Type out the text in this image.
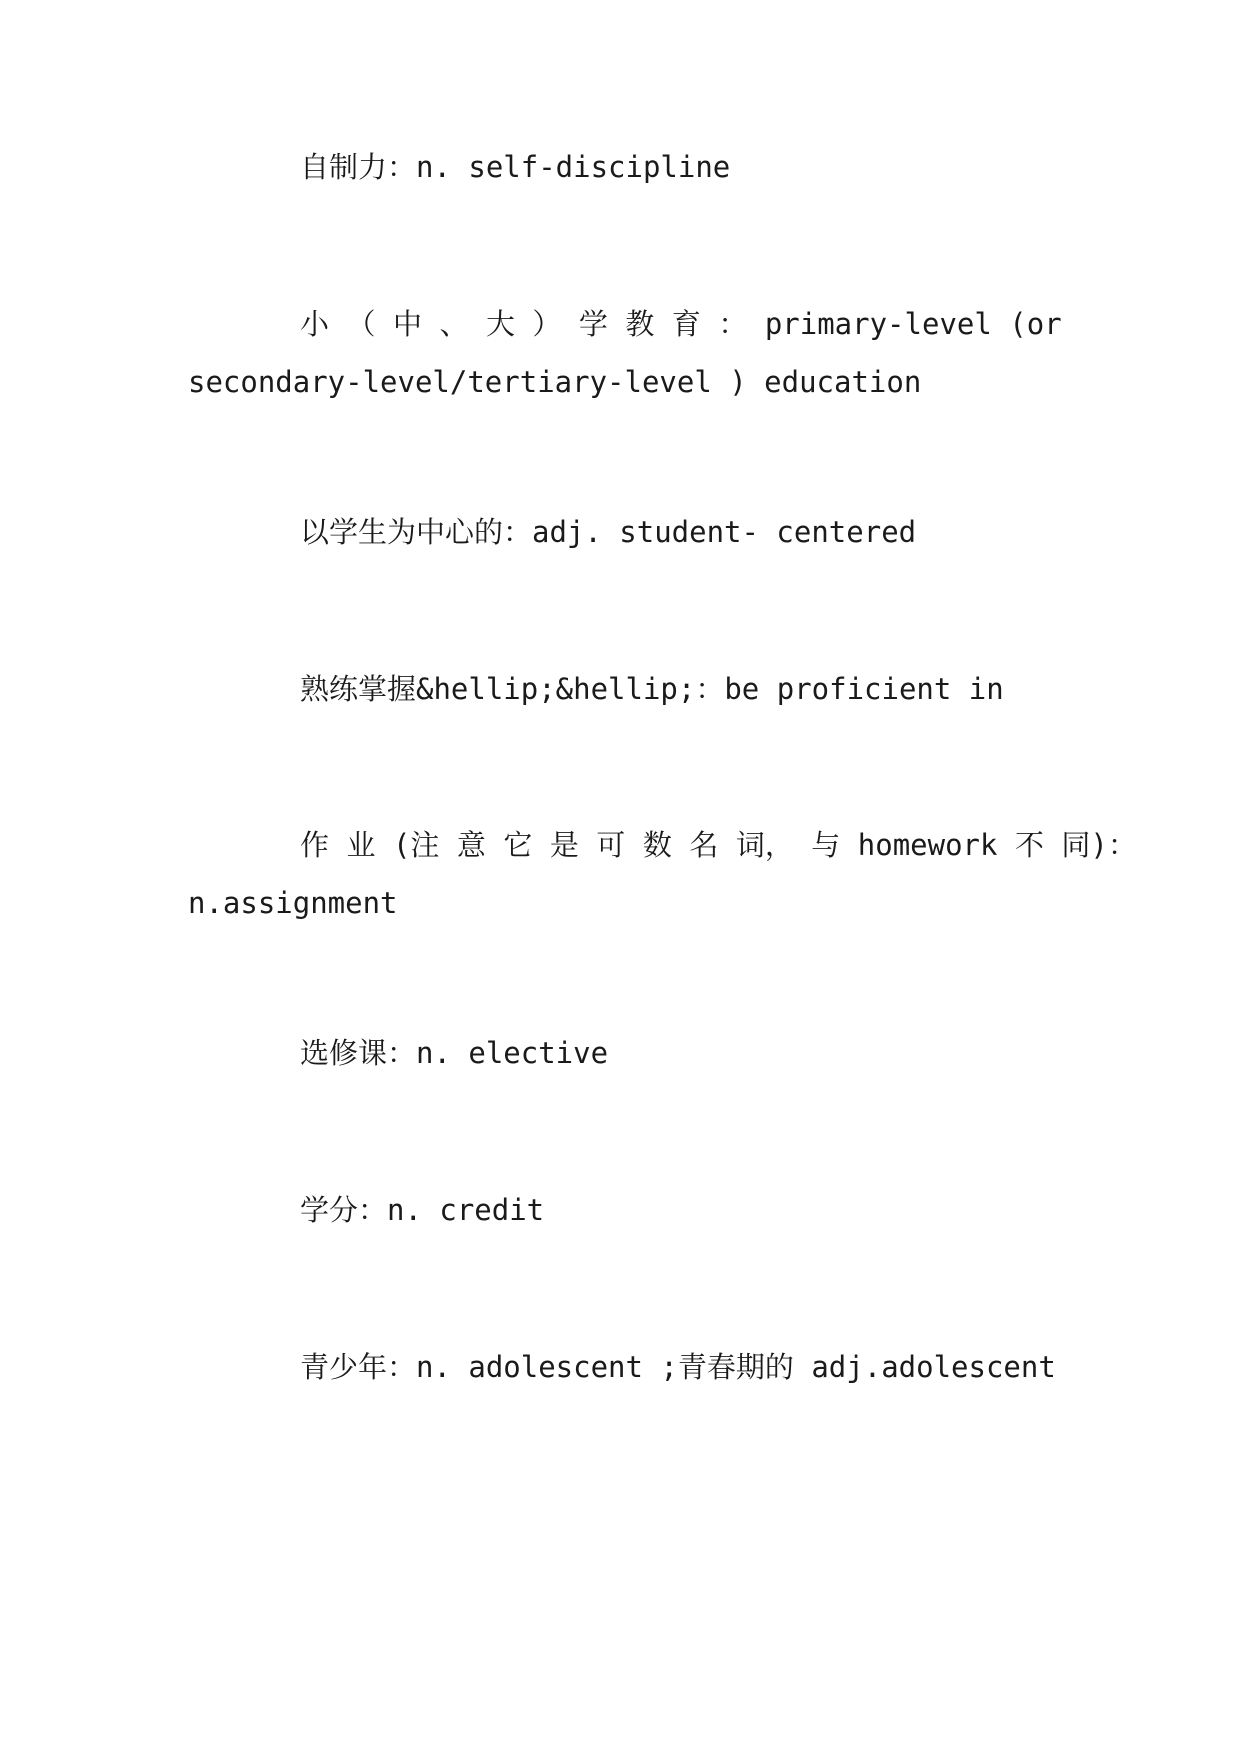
自制力：n. self-discipline
小 （ 中 、 大 ） 学 教 育 ： primary-level (or
secondary-level/tertiary-level ) education
以学生为中心的：adj. student- centered
熟练掌握&hellip;&hellip;：be proficient in
作 业 (注 意 它 是 可 数 名 词， 与 homework 不 同)：
n.assignment
选修课：n. elective
学分：n. credit
青少年：n. adolescent ;青春期的 adj.adolescent
